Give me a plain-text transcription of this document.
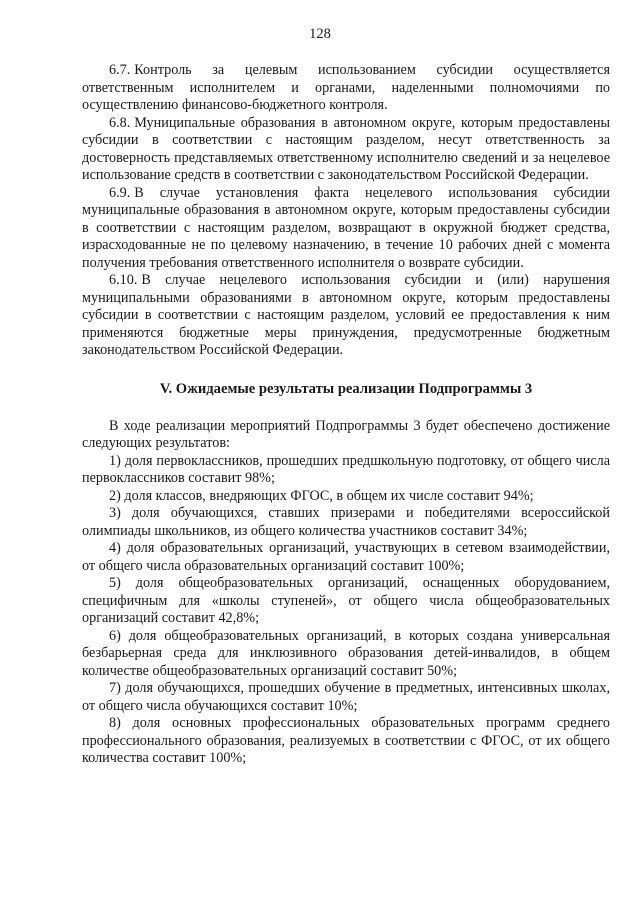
128

6.7. Контроль за целевым использованием субсидии осуществляется ответственным исполнителем и органами, наделенными полномочиями по осуществлению финансово-бюджетного контроля.

6.8. Муниципальные образования в автономном округе, которым предоставлены субсидии в соответствии с настоящим разделом, несут ответственность за достоверность представляемых ответственному исполнителю сведений и за нецелевое использование средств в соответствии с законодательством Российской Федерации.

6.9. В случае установления факта нецелевого использования субсидии муниципальные образования в автономном округе, которым предоставлены субсидии в соответствии с настоящим разделом, возвращают в окружной бюджет средства, израсходованные не по целевому назначению, в течение 10 рабочих дней с момента получения требования ответственного исполнителя о возврате субсидии.

6.10. В случае нецелевого использования субсидии и (или) нарушения муниципальными образованиями в автономном округе, которым предоставлены субсидии в соответствии с настоящим разделом, условий ее предоставления к ним применяются бюджетные меры принуждения, предусмотренные бюджетным законодательством Российской Федерации.

V. Ожидаемые результаты реализации Подпрограммы 3

В ходе реализации мероприятий Подпрограммы 3 будет обеспечено достижение следующих результатов:

1) доля первоклассников, прошедших предшкольную подготовку, от общего числа первоклассников составит 98%;

2) доля классов, внедряющих ФГОС, в общем их числе составит 94%;

3) доля обучающихся, ставших призерами и победителями всероссийской олимпиады школьников, из общего количества участников составит 34%;

4) доля образовательных организаций, участвующих в сетевом взаимодействии, от общего числа образовательных организаций составит 100%;

5) доля общеобразовательных организаций, оснащенных оборудованием, специфичным для «школы ступеней», от общего числа общеобразовательных организаций составит 42,8%;

6) доля общеобразовательных организаций, в которых создана универсальная безбарьерная среда для инклюзивного образования детей-инвалидов, в общем количестве общеобразовательных организаций составит 50%;

7) доля обучающихся, прошедших обучение в предметных, интенсивных школах, от общего числа обучающихся составит 10%;

8) доля основных профессиональных образовательных программ среднего профессионального образования, реализуемых в соответствии с ФГОС, от их общего количества составит 100%;
